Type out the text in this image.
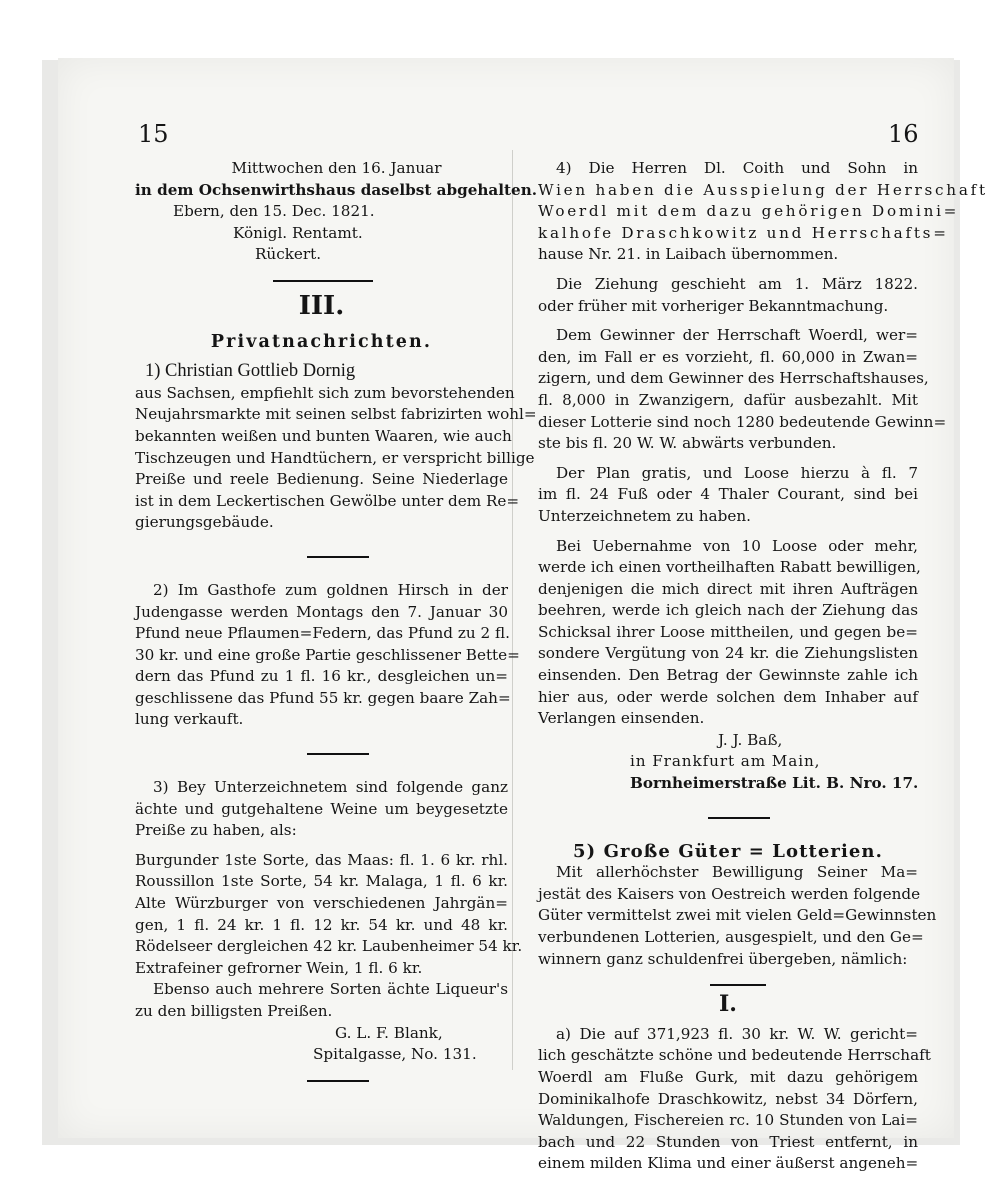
15	16
Mittwochen den 16. Januar
in dem Ochsenwirthshaus daselbst abgehalten.
Ebern, den 15. Dec. 1821.
Königl. Rentamt.
Rückert.
III.
Privatnachrichten.
1) Christian Gottlieb Dornig
aus Sachsen, empfiehlt sich zum bevorstehenden
Neujahrsmarkte mit seinen selbst fabrizirten wohl=
bekannten weißen und bunten Waaren, wie auch
Tischzeugen und Handtüchern, er verspricht billige
Preiße und reele Bedienung. Seine Niederlage
ist in dem Leckertischen Gewölbe unter dem Re=
gierungsgebäude.
2) Im Gasthofe zum goldnen Hirsch in der
Judengasse werden Montags den 7. Januar 30
Pfund neue Pflaumen=Federn, das Pfund zu 2 fl.
30 kr. und eine große Partie geschlissener Bette=
dern das Pfund zu 1 fl. 16 kr., desgleichen un=
geschlissene das Pfund 55 kr. gegen baare Zah=
lung verkauft.
3) Bey Unterzeichnetem sind folgende ganz
ächte und gutgehaltene Weine um beygesetzte
Preiße zu haben, als:
Burgunder 1ste Sorte, das Maas: fl. 1. 6 kr. rhl.
Roussillon 1ste Sorte, 54 kr. Malaga, 1 fl. 6 kr.
Alte Würzburger von verschiedenen Jahrgän=
gen, 1 fl. 24 kr. 1 fl. 12 kr. 54 kr. und 48 kr.
Rödelseer dergleichen 42 kr. Laubenheimer 54 kr.
Extrafeiner gefrorner Wein, 1 fl. 6 kr.
Ebenso auch mehrere Sorten ächte Liqueur's
zu den billigsten Preißen.
G. L. F. Blank,
Spitalgasse, No. 131.
4) Die Herren Dl. Coith und Sohn in
Wien haben die Ausspielung der Herrschaft
Woerdl mit dem dazu gehörigen Domini=
kalhofe Draschkowitz und Herrschafts=
hause Nr. 21. in Laibach übernommen.
Die Ziehung geschieht am 1. März 1822.
oder früher mit vorheriger Bekanntmachung.
Dem Gewinner der Herrschaft Woerdl, wer=
den, im Fall er es vorzieht, fl. 60,000 in Zwan=
zigern, und dem Gewinner des Herrschaftshauses,
fl. 8,000 in Zwanzigern, dafür ausbezahlt. Mit
dieser Lotterie sind noch 1280 bedeutende Gewinn=
ste bis fl. 20 W. W. abwärts verbunden.
Der Plan gratis, und Loose hierzu à fl. 7
im fl. 24 Fuß oder 4 Thaler Courant, sind bei
Unterzeichnetem zu haben.
Bei Uebernahme von 10 Loose oder mehr,
werde ich einen vortheilhaften Rabatt bewilligen,
denjenigen die mich direct mit ihren Aufträgen
beehren, werde ich gleich nach der Ziehung das
Schicksal ihrer Loose mittheilen, und gegen be=
sondere Vergütung von 24 kr. die Ziehungslisten
einsenden. Den Betrag der Gewinnste zahle ich
hier aus, oder werde solchen dem Inhaber auf
Verlangen einsenden.
J. J. Baß,
in Frankfurt am Main,
Bornheimerstraße Lit. B. Nro. 17.
5) Große Güter = Lotterien.
Mit allerhöchster Bewilligung Seiner Ma=
jestät des Kaisers von Oestreich werden folgende
Güter vermittelst zwei mit vielen Geld=Gewinnsten
verbundenen Lotterien, ausgespielt, und den Ge=
winnern ganz schuldenfrei übergeben, nämlich:
I.
a) Die auf 371,923 fl. 30 kr. W. W. gericht=
lich geschätzte schöne und bedeutende Herrschaft
Woerdl am Fluße Gurk, mit dazu gehörigem
Dominikalhofe Draschkowitz, nebst 34 Dörfern,
Waldungen, Fischereien rc. 10 Stunden von Lai=
bach und 22 Stunden von Triest entfernt, in
einem milden Klima und einer äußerst angeneh=
